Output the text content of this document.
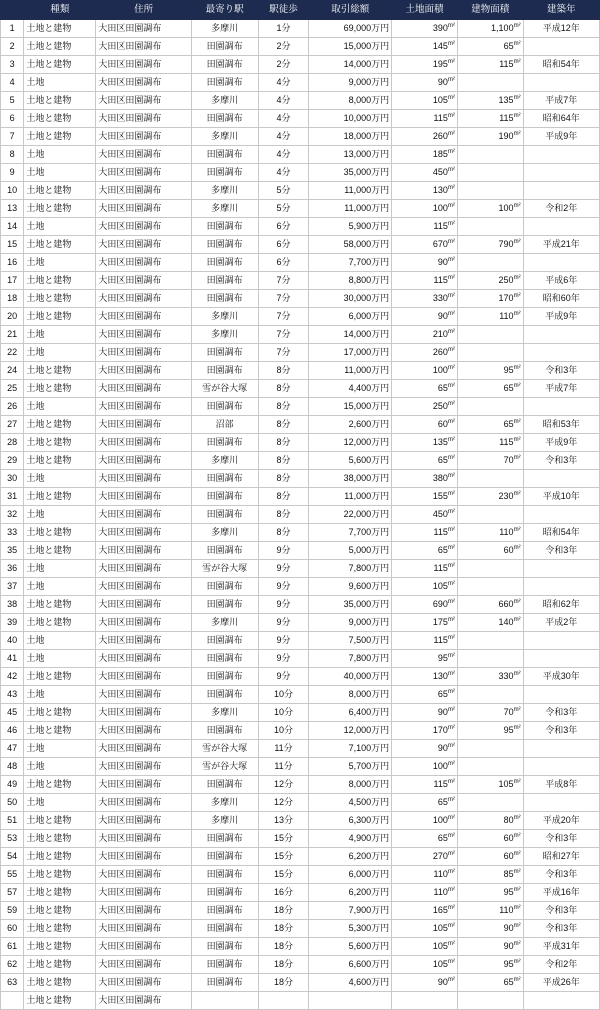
	種類	住所	最寄り駅	駅徒歩	取引総額	土地面積	建物面積	建築年
1	土地と建物	大田区田園調布	多摩川	1分	69,000万円	$390^{m^2}$	$1,100^{m^2}$	平成12年
2	土地と建物	大田区田園調布	田園調布	2分	15,000万円	$145^{m^2}$	$65^{m^2}$	
3	土地と建物	大田区田園調布	田園調布	2分	14,000万円	$195^{m^2}$	$115^{m^2}$	昭和54年
4	土地	大田区田園調布	田園調布	4分	9,000万円	$90^{m^2}$		
5	土地と建物	大田区田園調布	多摩川	4分	8,000万円	$105^{m^2}$	$135^{m^2}$	平成7年
6	土地と建物	大田区田園調布	田園調布	4分	10,000万円	$115^{m^2}$	$115^{m^2}$	昭和64年
7	土地と建物	大田区田園調布	多摩川	4分	18,000万円	$260^{m^2}$	$190^{m^2}$	平成9年
8	土地	大田区田園調布	田園調布	4分	13,000万円	$185^{m^2}$		
9	土地	大田区田園調布	田園調布	4分	35,000万円	$450^{m^2}$		
10	土地と建物	大田区田園調布	多摩川	5分	11,000万円	$130^{m^2}$		
13	土地と建物	大田区田園調布	多摩川	5分	11,000万円	$100^{m^2}$	$100^{m^2}$	令和2年
14	土地	大田区田園調布	田園調布	6分	5,900万円	$115^{m^2}$		
15	土地と建物	大田区田園調布	田園調布	6分	58,000万円	$670^{m^2}$	$790^{m^2}$	平成21年
16	土地	大田区田園調布	田園調布	6分	7,700万円	$90^{m^2}$		
17	土地と建物	大田区田園調布	田園調布	7分	8,800万円	$115^{m^2}$	$250^{m^2}$	平成6年
18	土地と建物	大田区田園調布	田園調布	7分	30,000万円	$330^{m^2}$	$170^{m^2}$	昭和60年
20	土地と建物	大田区田園調布	多摩川	7分	6,000万円	$90^{m^2}$	$110^{m^2}$	平成9年
21	土地	大田区田園調布	多摩川	7分	14,000万円	$210^{m^2}$		
22	土地	大田区田園調布	田園調布	7分	17,000万円	$260^{m^2}$		
24	土地と建物	大田区田園調布	田園調布	8分	11,000万円	$100^{m^2}$	$95^{m^2}$	令和3年
25	土地と建物	大田区田園調布	雪が谷大塚	8分	4,400万円	$65^{m^2}$	$65^{m^2}$	平成7年
26	土地	大田区田園調布	田園調布	8分	15,000万円	$250^{m^2}$		
27	土地と建物	大田区田園調布	沼部	8分	2,600万円	$60^{m^2}$	$65^{m^2}$	昭和53年
28	土地と建物	大田区田園調布	田園調布	8分	12,000万円	$135^{m^2}$	$115^{m^2}$	平成9年
29	土地と建物	大田区田園調布	多摩川	8分	5,600万円	$65^{m^2}$	$70^{m^2}$	令和3年
30	土地	大田区田園調布	田園調布	8分	38,000万円	$380^{m^2}$		
31	土地と建物	大田区田園調布	田園調布	8分	11,000万円	$155^{m^2}$	$230^{m^2}$	平成10年
32	土地	大田区田園調布	田園調布	8分	22,000万円	$450^{m^2}$		
33	土地と建物	大田区田園調布	多摩川	8分	7,700万円	$115^{m^2}$	$110^{m^2}$	昭和54年
35	土地と建物	大田区田園調布	田園調布	9分	5,000万円	$65^{m^2}$	$60^{m^2}$	令和3年
36	土地	大田区田園調布	雪が谷大塚	9分	7,800万円	$115^{m^2}$		
37	土地	大田区田園調布	田園調布	9分	9,600万円	$105^{m^2}$		
38	土地と建物	大田区田園調布	田園調布	9分	35,000万円	$690^{m^2}$	$660^{m^2}$	昭和62年
39	土地と建物	大田区田園調布	多摩川	9分	9,000万円	$175^{m^2}$	$140^{m^2}$	平成2年
40	土地	大田区田園調布	田園調布	9分	7,500万円	$115^{m^2}$		
41	土地	大田区田園調布	田園調布	9分	7,800万円	$95^{m^2}$		
42	土地と建物	大田区田園調布	田園調布	9分	40,000万円	$130^{m^2}$	$330^{m^2}$	平成30年
43	土地	大田区田園調布	田園調布	10分	8,000万円	$65^{m^2}$		
45	土地と建物	大田区田園調布	多摩川	10分	6,400万円	$90^{m^2}$	$70^{m^2}$	令和3年
46	土地と建物	大田区田園調布	田園調布	10分	12,000万円	$170^{m^2}$	$95^{m^2}$	令和3年
47	土地	大田区田園調布	雪が谷大塚	11分	7,100万円	$90^{m^2}$		
48	土地	大田区田園調布	雪が谷大塚	11分	5,700万円	$100^{m^2}$		
49	土地と建物	大田区田園調布	田園調布	12分	8,000万円	$115^{m^2}$	$105^{m^2}$	平成8年
50	土地	大田区田園調布	多摩川	12分	4,500万円	$65^{m^2}$		
51	土地と建物	大田区田園調布	多摩川	13分	6,300万円	$100^{m^2}$	$80^{m^2}$	平成20年
53	土地と建物	大田区田園調布	田園調布	15分	4,900万円	$65^{m^2}$	$60^{m^2}$	令和3年
54	土地と建物	大田区田園調布	田園調布	15分	6,200万円	$270^{m^2}$	$60^{m^2}$	昭和27年
55	土地と建物	大田区田園調布	田園調布	15分	6,000万円	$110^{m^2}$	$85^{m^2}$	令和3年
57	土地と建物	大田区田園調布	田園調布	16分	6,200万円	$110^{m^2}$	$95^{m^2}$	平成16年
59	土地と建物	大田区田園調布	田園調布	18分	7,900万円	$165^{m^2}$	$110^{m^2}$	令和3年
60	土地と建物	大田区田園調布	田園調布	18分	5,300万円	$105^{m^2}$	$90^{m^2}$	令和3年
61	土地と建物	大田区田園調布	田園調布	18分	5,600万円	$105^{m^2}$	$90^{m^2}$	平成31年
62	土地と建物	大田区田園調布	田園調布	18分	6,600万円	$105^{m^2}$	$95^{m^2}$	令和2年
63	土地と建物	大田区田園調布	田園調布	18分	4,600万円	$90^{m^2}$	$65^{m^2}$	平成26年
	土地と建物	大田区田園調布						
